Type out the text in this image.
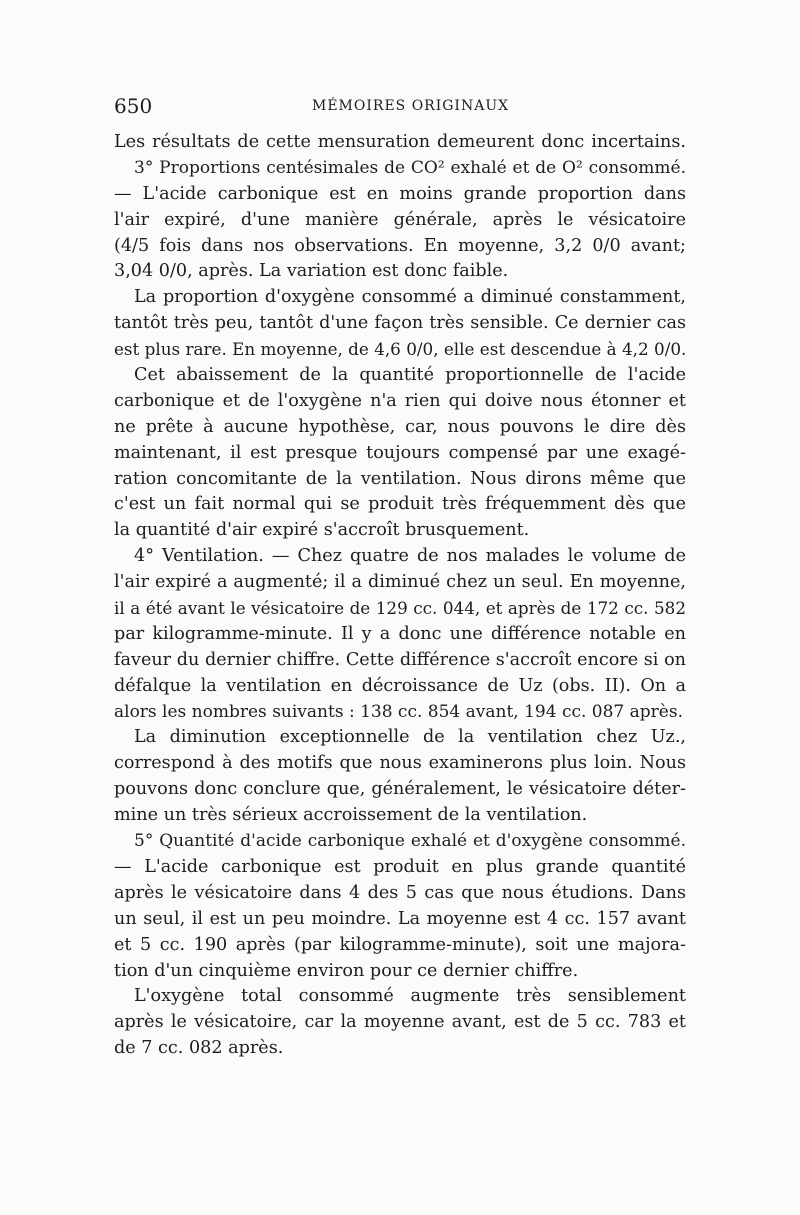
650	MÉMOIRES ORIGINAUX
Les résultats de cette mensuration demeurent donc incertains.
3° Proportions centésimales de CO² exhalé et de O² consommé.
— L'acide carbonique est en moins grande proportion dans
l'air expiré, d'une manière générale, après le vésicatoire
(4/5 fois dans nos observations. En moyenne, 3,2 0/0 avant;
3,04 0/0, après. La variation est donc faible.
La proportion d'oxygène consommé a diminué constamment,
tantôt très peu, tantôt d'une façon très sensible. Ce dernier cas
est plus rare. En moyenne, de 4,6 0/0, elle est descendue à 4,2 0/0.
Cet abaissement de la quantité proportionnelle de l'acide
carbonique et de l'oxygène n'a rien qui doive nous étonner et
ne prête à aucune hypothèse, car, nous pouvons le dire dès
maintenant, il est presque toujours compensé par une exagé-
ration concomitante de la ventilation. Nous dirons même que
c'est un fait normal qui se produit très fréquemment dès que
la quantité d'air expiré s'accroît brusquement.
4° Ventilation. — Chez quatre de nos malades le volume de
l'air expiré a augmenté; il a diminué chez un seul. En moyenne,
il a été avant le vésicatoire de 129 cc. 044, et après de 172 cc. 582
par kilogramme-minute. Il y a donc une différence notable en
faveur du dernier chiffre. Cette différence s'accroît encore si on
défalque la ventilation en décroissance de Uz (obs. II). On a
alors les nombres suivants : 138 cc. 854 avant, 194 cc. 087 après.
La diminution exceptionnelle de la ventilation chez Uz.,
correspond à des motifs que nous examinerons plus loin. Nous
pouvons donc conclure que, généralement, le vésicatoire déter-
mine un très sérieux accroissement de la ventilation.
5° Quantité d'acide carbonique exhalé et d'oxygène consommé.
— L'acide carbonique est produit en plus grande quantité
après le vésicatoire dans 4 des 5 cas que nous étudions. Dans
un seul, il est un peu moindre. La moyenne est 4 cc. 157 avant
et 5 cc. 190 après (par kilogramme-minute), soit une majora-
tion d'un cinquième environ pour ce dernier chiffre.
L'oxygène total consommé augmente très sensiblement
après le vésicatoire, car la moyenne avant, est de 5 cc. 783 et
de 7 cc. 082 après.
